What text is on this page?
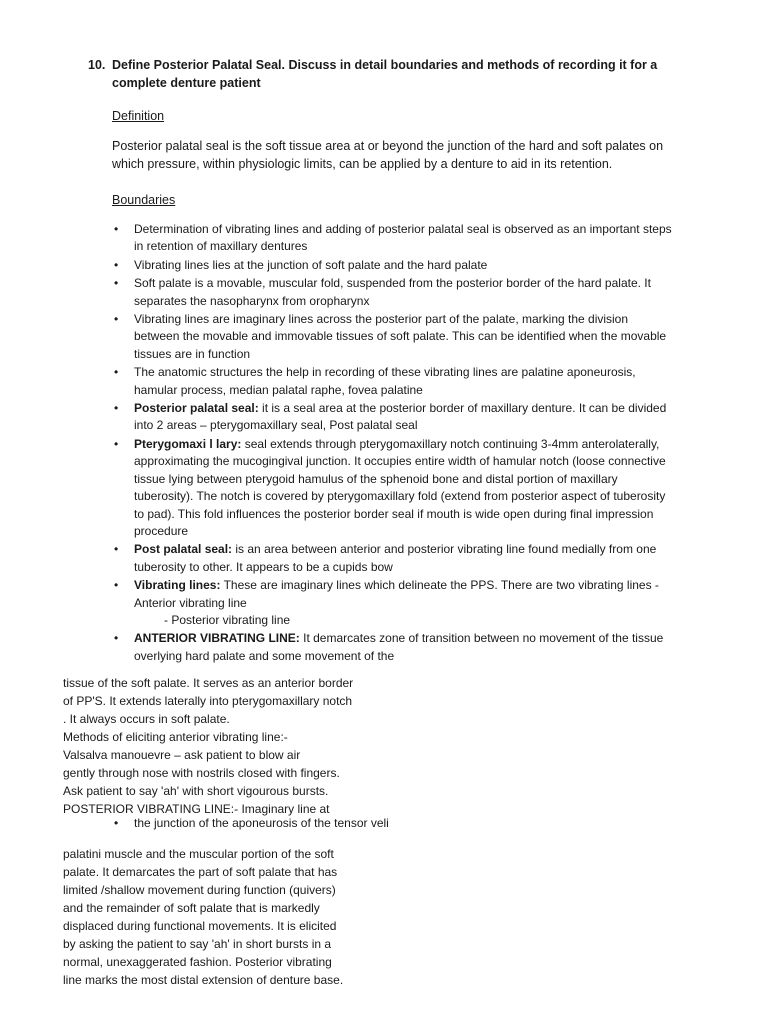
10. Define Posterior Palatal Seal. Discuss in detail boundaries and methods of recording it for a complete denture patient
Definition
Posterior palatal seal is the soft tissue area at or beyond the junction of the hard and soft palates on which pressure, within physiologic limits, can be applied by a denture to aid in its retention.
Boundaries
• Determination of vibrating lines and adding of posterior palatal seal is observed as an important steps in retention of maxillary dentures
• Vibrating lines lies at the junction of soft palate and the hard palate
• Soft palate is a movable, muscular fold, suspended from the posterior border of the hard palate. It separates the nasopharynx from oropharynx
• Vibrating lines are imaginary lines across the posterior part of the palate, marking the division between the movable and immovable tissues of soft palate. This can be identified when the movable tissues are in function
• The anatomic structures the help in recording of these vibrating lines are palatine aponeurosis, hamular process, median palatal raphe, fovea palatine
• Posterior palatal seal: it is a seal area at the posterior border of maxillary denture. It can be divided into 2 areas – pterygomaxillary seal, Post palatal seal
• Pterygomaxi l lary: seal extends through pterygomaxillary notch continuing 3-4mm anterolaterally, approximating the mucogingival junction. It occupies entire width of hamular notch (loose connective tissue lying between pterygoid hamulus of the sphenoid bone and distal portion of maxillary tuberosity). The notch is covered by pterygomaxillary fold (extend from posterior aspect of tuberosity to pad). This fold influences the posterior border seal if mouth is wide open during final impression procedure
• Post palatal seal: is an area between anterior and posterior vibrating line found medially from one tuberosity to other. It appears to be a cupids bow
• Vibrating lines: These are imaginary lines which delineate the PPS. There are two vibrating lines - Anterior vibrating line
- Posterior vibrating line
• ANTERIOR VIBRATING LINE: It demarcates zone of transition between no movement of the tissue overlying hard palate and some movement of the
tissue of the soft palate. It serves as an anterior border
of PP'S. It extends laterally into pterygomaxillary notch
. It always occurs in soft palate.
Methods of eliciting anterior vibrating line:-
Valsalva manouevre – ask patient to blow air
gently through nose with nostrils closed with fingers.
Ask patient to say 'ah' with short vigourous bursts.
POSTERIOR VIBRATING LINE:- Imaginary line at
• the junction of the aponeurosis of the tensor veli
palatini muscle and the muscular portion of the soft
palate. It demarcates the part of soft palate that has
limited /shallow movement during function (quivers)
and the remainder of soft palate that is markedly
displaced during functional movements. It is elicited
by asking the patient to say 'ah' in short bursts in a
normal, unexaggerated fashion. Posterior vibrating
line marks the most distal extension of denture base.
